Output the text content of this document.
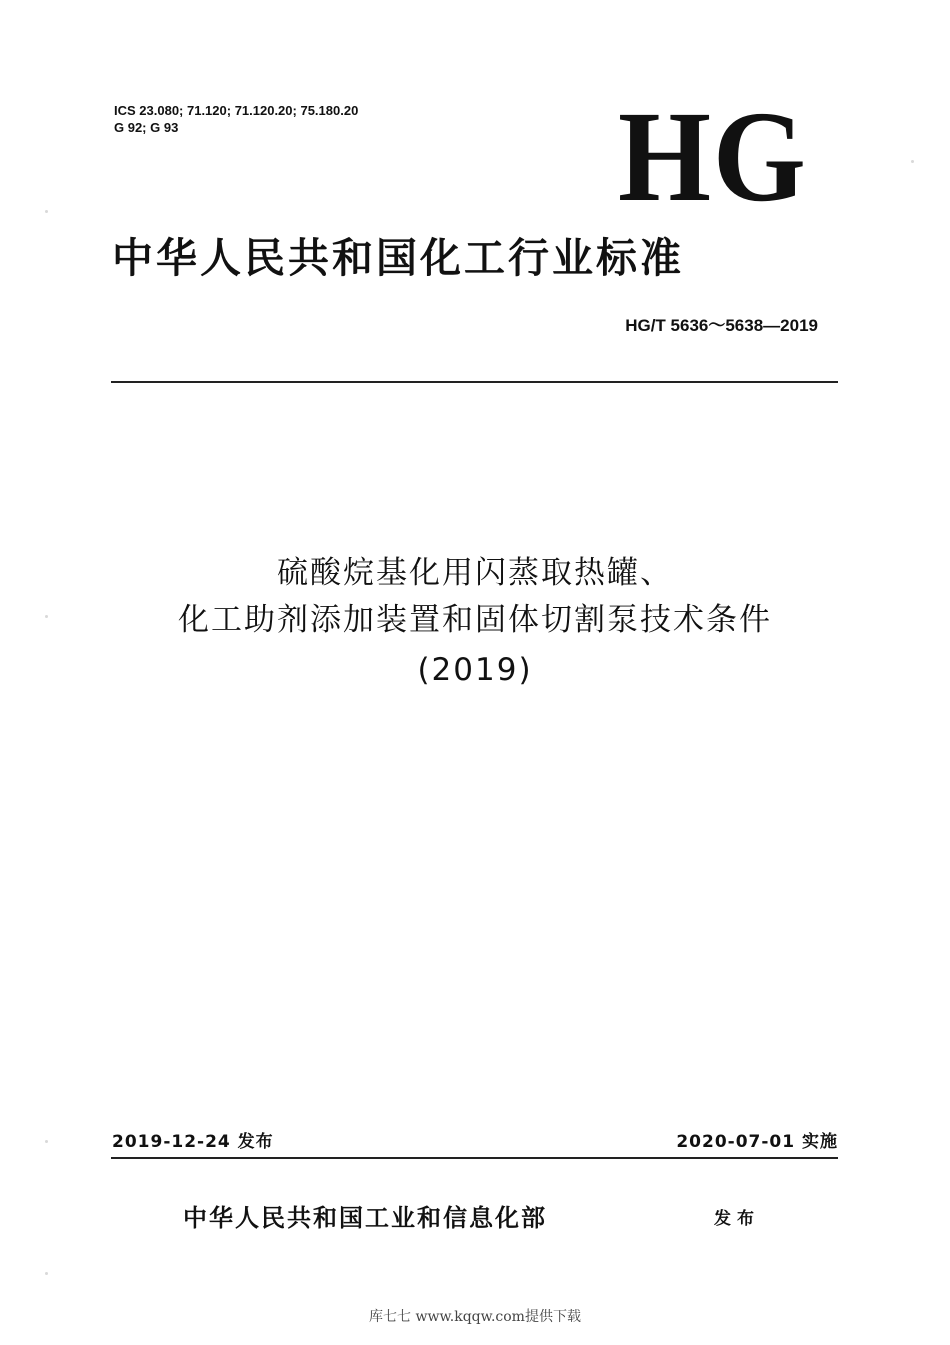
ICS 23.080; 71.120; 71.120.20; 75.180.20
G 92; G 93	HG
中华人民共和国化工行业标准
HG/T 5636～5638—2019
硫酸烷基化用闪蒸取热罐、
化工助剂添加装置和固体切割泵技术条件
(2019)
2019-12-24 发布	2020-07-01 实施
中华人民共和国工业和信息化部	发布
库七七 www.kqqw.com提供下载
